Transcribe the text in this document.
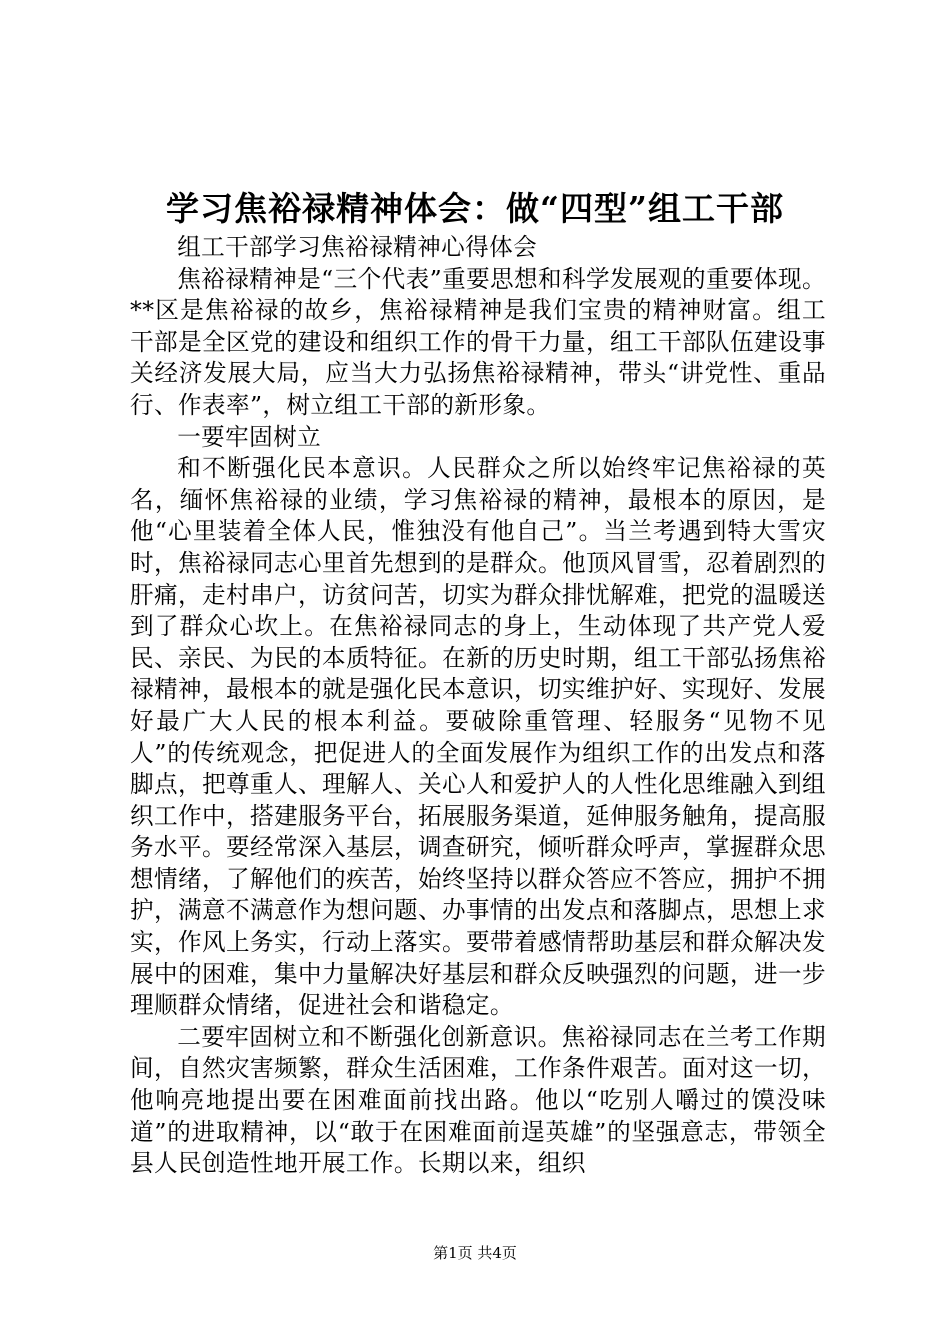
学习焦裕禄精神体会：做“四型”组工干部

组工干部学习焦裕禄精神心得体会

焦裕禄精神是“三个代表”重要思想和科学发展观的重要体现。**区是焦裕禄的故乡，焦裕禄精神是我们宝贵的精神财富。组工干部是全区党的建设和组织工作的骨干力量，组工干部队伍建设事关经济发展大局，应当大力弘扬焦裕禄精神，带头“讲党性、重品行、作表率”，树立组工干部的新形象。

一要牢固树立

和不断强化民本意识。人民群众之所以始终牢记焦裕禄的英名，缅怀焦裕禄的业绩，学习焦裕禄的精神，最根本的原因，是他“心里装着全体人民，惟独没有他自己”。当兰考遇到特大雪灾时，焦裕禄同志心里首先想到的是群众。他顶风冒雪，忍着剧烈的肝痛，走村串户，访贫问苦，切实为群众排忧解难，把党的温暖送到了群众心坎上。在焦裕禄同志的身上，生动体现了共产党人爱民、亲民、为民的本质特征。在新的历史时期，组工干部弘扬焦裕禄精神，最根本的就是强化民本意识，切实维护好、实现好、发展好最广大人民的根本利益。要破除重管理、轻服务“见物不见人”的传统观念，把促进人的全面发展作为组织工作的出发点和落脚点，把尊重人、理解人、关心人和爱护人的人性化思维融入到组织工作中，搭建服务平台，拓展服务渠道，延伸服务触角，提高服务水平。要经常深入基层，调查研究，倾听群众呼声，掌握群众思想情绪，了解他们的疾苦，始终坚持以群众答应不答应，拥护不拥护，满意不满意作为想问题、办事情的出发点和落脚点，思想上求实，作风上务实，行动上落实。要带着感情帮助基层和群众解决发展中的困难，集中力量解决好基层和群众反映强烈的问题，进一步理顺群众情绪，促进社会和谐稳定。

二要牢固树立和不断强化创新意识。焦裕禄同志在兰考工作期间，自然灾害频繁，群众生活困难，工作条件艰苦。面对这一切，他响亮地提出要在困难面前找出路。他以“吃别人嚼过的馍没味道”的进取精神，以“敢于在困难面前逞英雄”的坚强意志，带领全县人民创造性地开展工作。长期以来，组织

第1页 共4页
